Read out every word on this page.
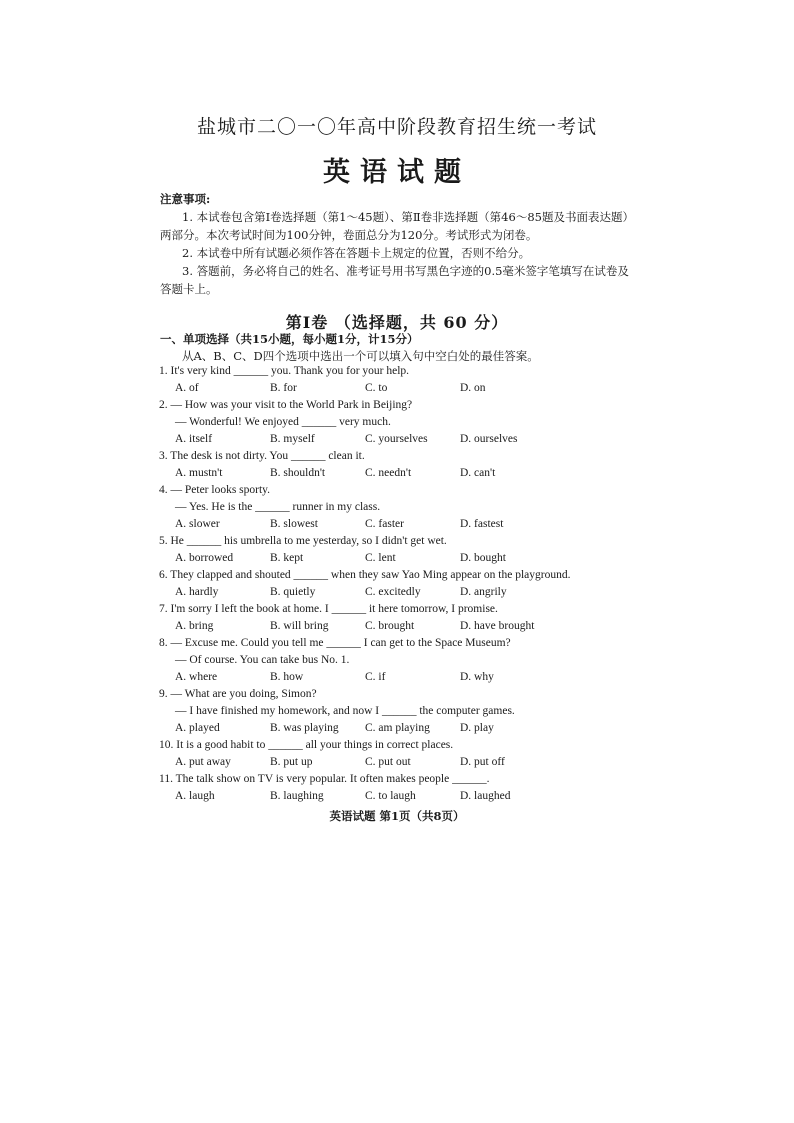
盐城市二〇一〇年高中阶段教育招生统一考试
英语试题
注意事项:
1. 本试卷包含第Ⅰ卷选择题（第1～45题）、第Ⅱ卷非选择题（第46～85题及书面表达题）两部分。本次考试时间为100分钟，卷面总分为120分。考试形式为闭卷。
2. 本试卷中所有试题必须作答在答题卡上规定的位置，否则不给分。
3. 答题前，务必将自己的姓名、准考证号用书写黑色字迹的0.5毫米签字笔填写在试卷及答题卡上。
第Ⅰ卷 （选择题，共 60 分）
一、单项选择（共15小题，每小题1分，计15分）
从A、B、C、D四个选项中选出一个可以填入句中空白处的最佳答案。
1. It's very kind ______ you. Thank you for your help.
A. of	B. for	C. to	D. on
2. — How was your visit to the World Park in Beijing?
— Wonderful! We enjoyed ______ very much.
A. itself	B. myself	C. yourselves	D. ourselves
3. The desk is not dirty. You ______ clean it.
A. mustn't	B. shouldn't	C. needn't	D. can't
4. — Peter looks sporty.
— Yes. He is the ______ runner in my class.
A. slower	B. slowest	C. faster	D. fastest
5. He ______ his umbrella to me yesterday, so I didn't get wet.
A. borrowed	B. kept	C. lent	D. bought
6. They clapped and shouted ______ when they saw Yao Ming appear on the playground.
A. hardly	B. quietly	C. excitedly	D. angrily
7. I'm sorry I left the book at home. I ______ it here tomorrow, I promise.
A. bring	B. will bring	C. brought	D. have brought
8. — Excuse me. Could you tell me ______ I can get to the Space Museum?
— Of course. You can take bus No. 1.
A. where	B. how	C. if	D. why
9. — What are you doing, Simon?
— I have finished my homework, and now I ______ the computer games.
A. played	B. was playing	C. am playing	D. play
10. It is a good habit to ______ all your things in correct places.
A. put away	B. put up	C. put out	D. put off
11. The talk show on TV is very popular. It often makes people ______.
A. laugh	B. laughing	C. to laugh	D. laughed
英语试题 第1页（共8页）
